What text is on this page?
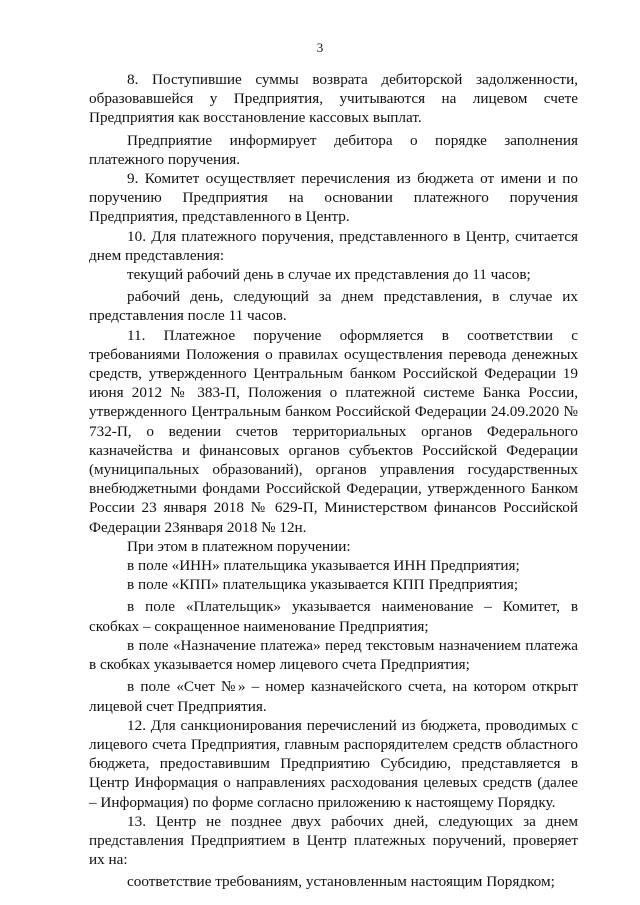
3

8. Поступившие суммы возврата дебиторской задолженности, образовавшейся у Предприятия, учитываются на лицевом счете Предприятия как восстановление кассовых выплат.

Предприятие информирует дебитора о порядке заполнения платежного поручения.

9. Комитет осуществляет перечисления из бюджета от имени и по поручению Предприятия на основании платежного поручения Предприятия, представленного в Центр.

10. Для платежного поручения, представленного в Центр, считается днем представления:

текущий рабочий день в случае их представления до 11 часов;

рабочий день, следующий за днем представления, в случае их представления после 11 часов.

11. Платежное поручение оформляется в соответствии с требованиями Положения о правилах осуществления перевода денежных средств, утвержденного Центральным банком Российской Федерации 19 июня 2012 № 383-П, Положения о платежной системе Банка России, утвержденного Центральным банком Российской Федерации 24.09.2020 № 732-П, о ведении счетов территориальных органов Федерального казначейства и финансовых органов субъектов Российской Федерации (муниципальных образований), органов управления государственных внебюджетными фондами Российской Федерации, утвержденного Банком России 23 января 2018 № 629-П, Министерством финансов Российской Федерации 23января 2018 № 12н.

При этом в платежном поручении:

в поле «ИНН» плательщика указывается ИНН Предприятия;

в поле «КПП» плательщика указывается КПП Предприятия;

в поле «Плательщик» указывается наименование – Комитет, в скобках – сокращенное наименование Предприятия;

в поле «Назначение платежа» перед текстовым назначением платежа в скобках указывается номер лицевого счета Предприятия;

в поле «Счет №» – номер казначейского счета, на котором открыт лицевой счет Предприятия.

12. Для санкционирования перечислений из бюджета, проводимых с лицевого счета Предприятия, главным распорядителем средств областного бюджета, предоставившим Предприятию Субсидию, представляется в Центр Информация о направлениях расходования целевых средств (далее – Информация) по форме согласно приложению к настоящему Порядку.

13. Центр не позднее двух рабочих дней, следующих за днем представления Предприятием в Центр платежных поручений, проверяет их на:

соответствие требованиям, установленным настоящим Порядком;
